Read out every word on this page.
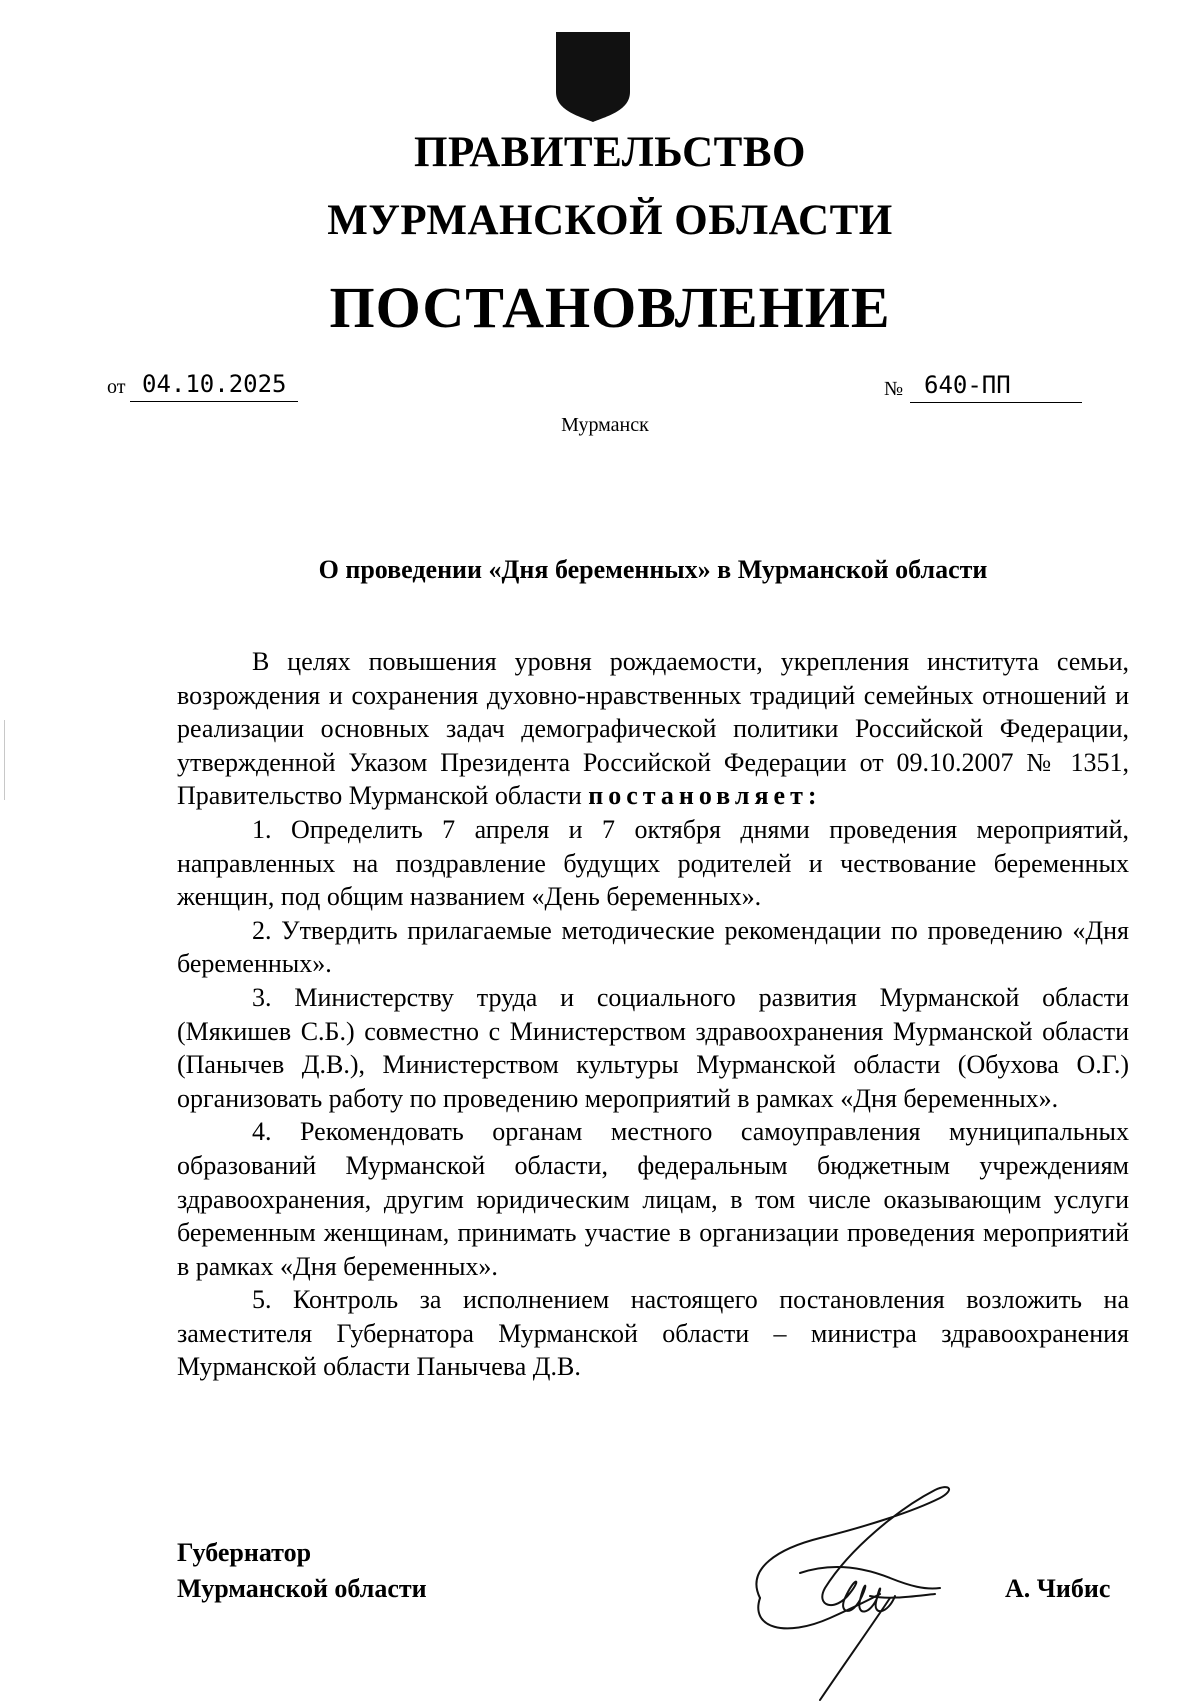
ПРАВИТЕЛЬСТВО
МУРМАНСКОЙ ОБЛАСТИ
ПОСТАНОВЛЕНИЕ
от 04.10.2025	№ 640-ПП
Мурманск
О проведении «Дня беременных» в Мурманской области

В целях повышения уровня рождаемости, укрепления института семьи, возрождения и сохранения духовно-нравственных традиций семейных отношений и реализации основных задач демографической политики Российской Федерации, утвержденной Указом Президента Российской Федерации от 09.10.2007 № 1351, Правительство Мурманской области постановляет:

1. Определить 7 апреля и 7 октября днями проведения мероприятий, направленных на поздравление будущих родителей и чествование беременных женщин, под общим названием «День беременных».

2. Утвердить прилагаемые методические рекомендации по проведению «Дня беременных».

3. Министерству труда и социального развития Мурманской области (Мякишев С.Б.) совместно с Министерством здравоохранения Мурманской области (Панычев Д.В.), Министерством культуры Мурманской области (Обухова О.Г.) организовать работу по проведению мероприятий в рамках «Дня беременных».

4. Рекомендовать органам местного самоуправления муниципальных образований Мурманской области, федеральным бюджетным учреждениям здравоохранения, другим юридическим лицам, в том числе оказывающим услуги беременным женщинам, принимать участие в организации проведения мероприятий в рамках «Дня беременных».

5. Контроль за исполнением настоящего постановления возложить на заместителя Губернатора Мурманской области – министра здравоохранения Мурманской области Панычева Д.В.

Губернатор
Мурманской области	А. Чибис
